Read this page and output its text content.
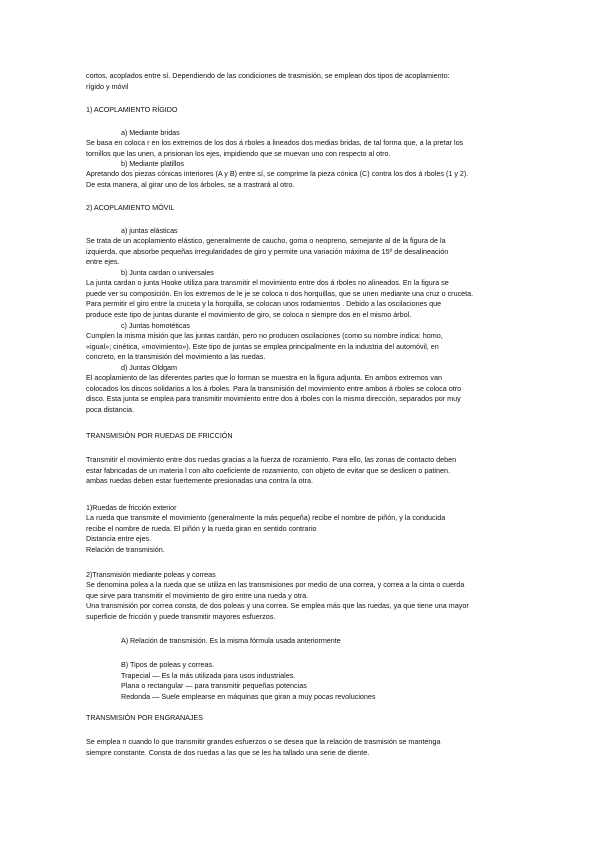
cortos, acoplados entre sí. Dependiendo de las condiciones de trasmisión, se emplean dos tipos de acoplamiento:
rígido y móvil
1) ACOPLAMIENTO RÍGIDO
a) Mediante bridas
Se basa en coloca r en los extremos de los dos á rboles a lineados dos medias bridas, de tal forma que, a la pretar los
tornillos que las unen, a prisionan los ejes, impidiendo que se muevan uno con respecto al otro.
b) Mediante platillos
Apretando dos piezas cónicas interiores (A y B) entre sí, se comprime la pieza cónica (C) contra los dos á rboles (1 y 2).
De esta manera, al girar uno de los árboles, se a rrastrará al otro.
2) ACOPLAMIENTO MÓVIL
a) juntas elásticas
Se trata de un acoplamiento elástico, generalmente de caucho, goma o neopreno, semejante al de la figura de la
izquierda, que absorbe pequeñas irregularidades de giro y permite una variación máxima de 15º de desalineación
entre ejes.
b) Junta cardan o universales
La junta cardan o junta Hooke utiliza para transmitir el movimiento entre dos á rboles no alineados. En la figura se
puede ver su composición. En los extremos de le je se coloca n dos horquillas, que se unen mediante una cruz o cruceta.
Para permitir el giro entre la cruceta y la horquilla, se colocan unos rodamientos . Debido a las oscilaciones que
produce este tipo de juntas durante el movimiento de giro, se coloca n siempre dos en el mismo árbol.
c) Juntas homotéticas
Cumplen la misma misión que las juntas cardán, pero no producen oscilaciones (como su nombre indica: homo,
«igual»; cinética, «movimiento»). Este tipo de juntas se emplea principalmente en la industria del automóvil, en
concreto, en la transmisión del movimiento a las ruedas.
d) Juntas Oldgam
El acoplamiento de las diferentes partes que lo forman se muestra en la figura adjunta. En ambos extremos van
colocados los discos solidarios a los á rboles. Para la transmisión del movimiento entre ambos á rboles se coloca otro
disco. Esta junta se emplea para transmitir movimiento entre dos á rboles con la misma dirección, separados por muy
poca distancia.
TRANSMISIÓN POR RUEDAS DE FRICCIÓN
Transmitir el movimiento entre dos ruedas gracias a la fuerza de rozamiento. Para ello, las zonas de contacto deben
estar fabricadas de un materia l con alto coeficiente de rozamiento, con objeto de evitar que se deslicen o patinen.
ambas ruedas deben estar fuertemente presionadas una contra la otra.
1)Ruedas de fricción exterior
La rueda que transmite el movimiento (generalmente la más pequeña) recibe el nombre de piñón, y la conducida
recibe el nombre de rueda. El piñón y la rueda giran en sentido contrario
Distancia entre ejes.
Relación de transmisión.
2)Transmisión mediante poleas y correas
Se denomina polea a la rueda que se utiliza en las transmisiones por medio de una correa, y correa a la cinta o cuerda
que sirve para transmitir el movimiento de giro entre una rueda y otra.
Una transmisión por correa consta, de dos poleas y una correa. Se emplea más que las ruedas, ya que tiene una mayor
superficie de fricción y puede transmitir mayores esfuerzos.
A) Relación de transmisión. Es la misma fórmula usada anteriormente
B) Tipos de poleas y correas.
Trapecial — Es la más utilizada para usos industriales.
Plana o rectangular — para transmitir pequeñas potencias
Redonda — Suele emplearse en máquinas que giran a muy pocas revoluciones
TRANSMISIÓN POR ENGRANAJES
Se emplea n cuando lo que transmitir grandes esfuerzos o se desea que la relación de trasmisión se mantenga
siempre constante. Consta de dos ruedas a las que se les ha tallado una serie de diente.
